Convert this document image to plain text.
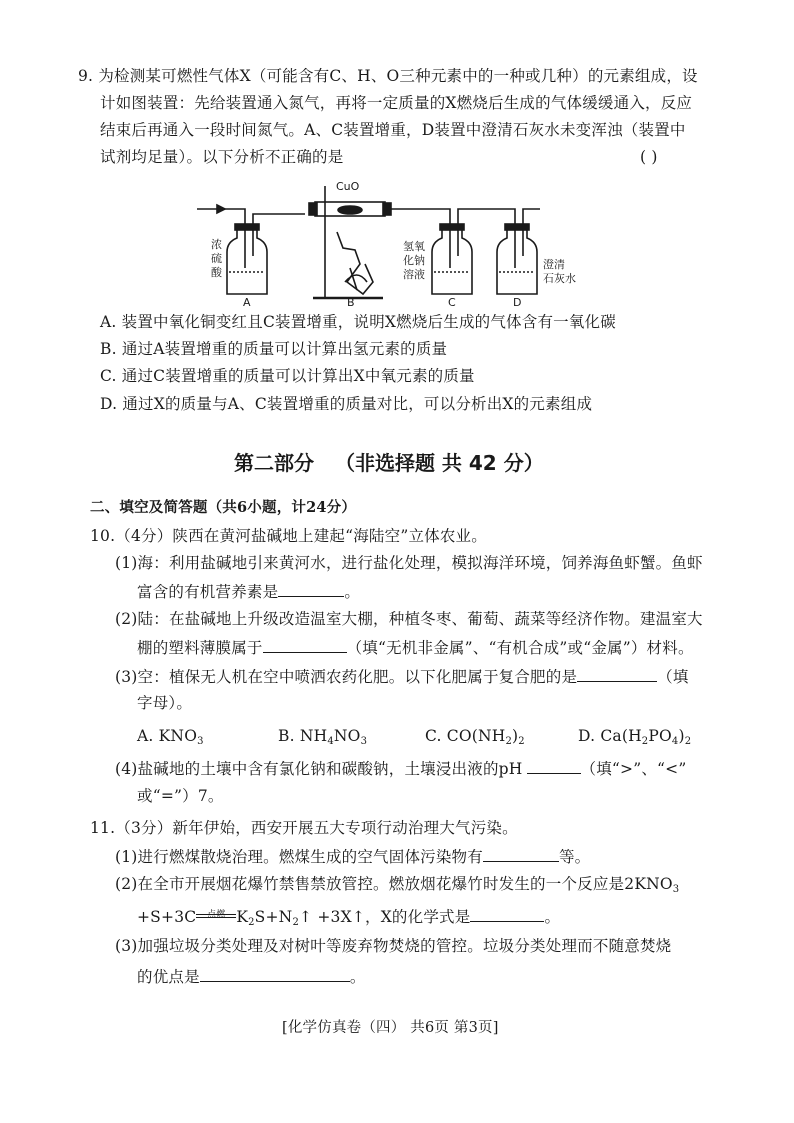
9. 为检测某可燃性气体X（可能含有C、H、O三种元素中的一种或几种）的元素组成，设
计如图装置：先给装置通入氮气，再将一定质量的X燃烧后生成的气体缓缓通入，反应
结束后再通入一段时间氮气。A、C装置增重，D装置中澄清石灰水未变浑浊（装置中
试剂均足量）。以下分析不正确的是	( )
CuO
浓
硫
酸
氢氧
化钠
溶液
澄清
石灰水
A	B	C	D
A. 装置中氧化铜变红且C装置增重，说明X燃烧后生成的气体含有一氧化碳
B. 通过A装置增重的质量可以计算出氢元素的质量
C. 通过C装置增重的质量可以计算出X中氧元素的质量
D. 通过X的质量与A、C装置增重的质量对比，可以分析出X的元素组成
第二部分 （非选择题 共 42 分）
二、填空及简答题（共6小题，计24分）
10.（4分）陕西在黄河盐碱地上建起“海陆空”立体农业。
(1)海：利用盐碱地引来黄河水，进行盐化处理，模拟海洋环境，饲养海鱼虾蟹。鱼虾
富含的有机营养素是	。
(2)陆：在盐碱地上升级改造温室大棚，种植冬枣、葡萄、蔬菜等经济作物。建温室大
棚的塑料薄膜属于	（填“无机非金属”、“有机合成”或“金属”）材料。
(3)空：植保无人机在空中喷洒农药化肥。以下化肥属于复合肥的是	（填
字母）。
A. $KNO_3$	B. $NH_4NO_3$	C. $CO(NH_2)_2$	D. $Ca(H_2PO_4)_2$
(4)盐碱地的土壤中含有氯化钠和碳酸钠，土壤浸出液的pH	（填“>”、“<”
或“=”）7。
11.（3分）新年伊始，西安开展五大专项行动治理大气污染。
(1)进行燃煤散烧治理。燃煤生成的空气固体污染物有	等。
(2)在全市开展烟花爆竹禁售禁放管控。燃放烟花爆竹时发生的一个反应是$2KNO_3$
+S+3C	点燃 $K_2S+N_2↑$ +3X↑，X的化学式是	。
(3)加强垃圾分类处理及对树叶等废弃物焚烧的管控。垃圾分类处理而不随意焚烧
的优点是	。
[化学仿真卷（四） 共6页 第3页]
